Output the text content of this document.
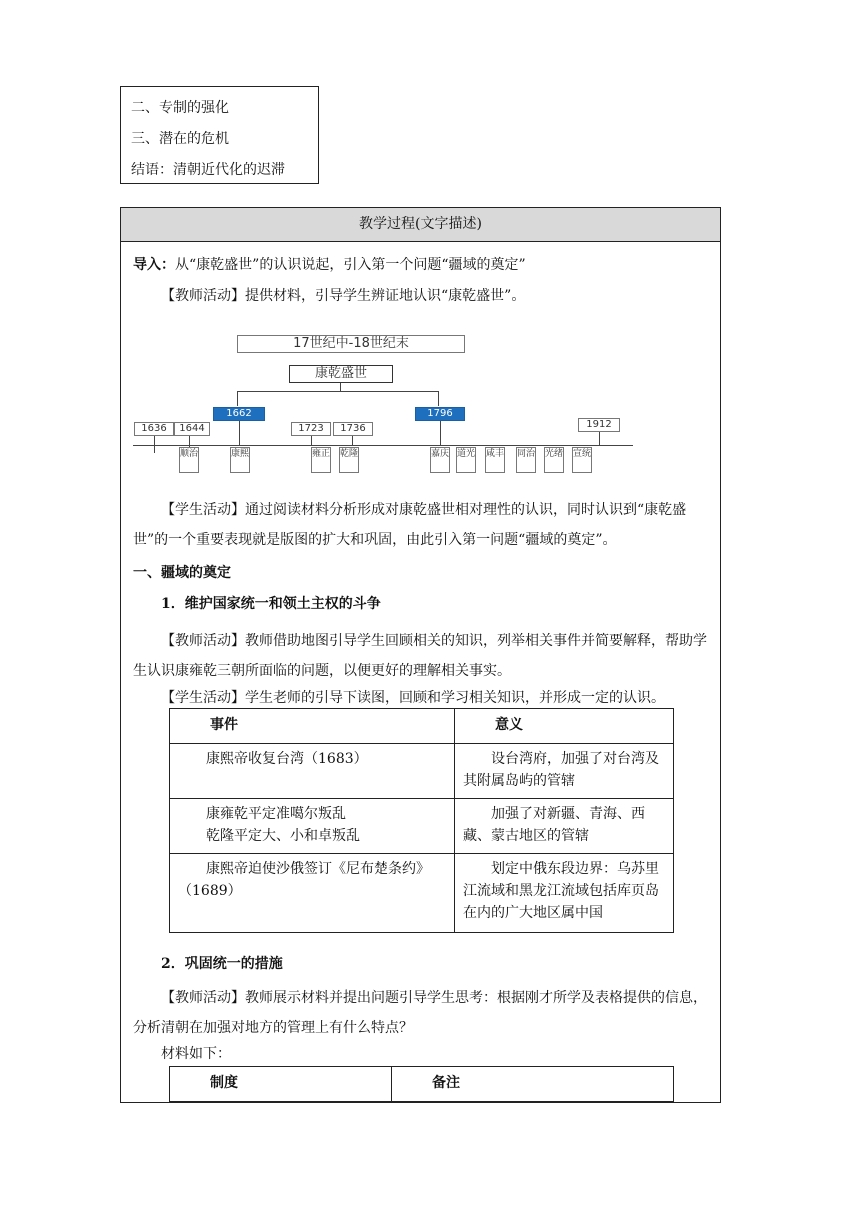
二、专制的强化
三、潜在的危机
结语：清朝近代化的迟滞
教学过程(文字描述)
导入：从“康乾盛世”的认识说起，引入第一个问题“疆域的奠定”
【教师活动】提供材料，引导学生辨证地认识“康乾盛世”。
17世纪中-18世纪末
康乾盛世
1636	1644
1662
1723	1736
1796
1912
顺治	康熙	雍正 乾隆	嘉庆 道光 咸丰 同治 光绪 宣统
【学生活动】通过阅读材料分析形成对康乾盛世相对理性的认识，同时认识到“康乾盛世”的一个重要表现就是版图的扩大和巩固，由此引入第一问题“疆域的奠定”。
一、疆域的奠定
1．维护国家统一和领土主权的斗争
【教师活动】教师借助地图引导学生回顾相关的知识，列举相关事件并简要解释，帮助学生认识康雍乾三朝所面临的问题，以便更好的理解相关事实。
【学生活动】学生老师的引导下读图，回顾和学习相关知识，并形成一定的认识。
事件	意义

康熙帝收复台湾（1683）	设台湾府，加强了对台湾及其附属岛屿的管辖

康雍乾平定准噶尔叛乱
乾隆平定大、小和卓叛乱	加强了对新疆、青海、西藏、蒙古地区的管辖

康熙帝迫使沙俄签订《尼布楚条约》（1689）	划定中俄东段边界：乌苏里江流域和黑龙江流域包括库页岛在内的广大地区属中国
2．巩固统一的措施
【教师活动】教师展示材料并提出问题引导学生思考：根据刚才所学及表格提供的信息，分析清朝在加强对地方的管理上有什么特点？
材料如下：
制度	备注
